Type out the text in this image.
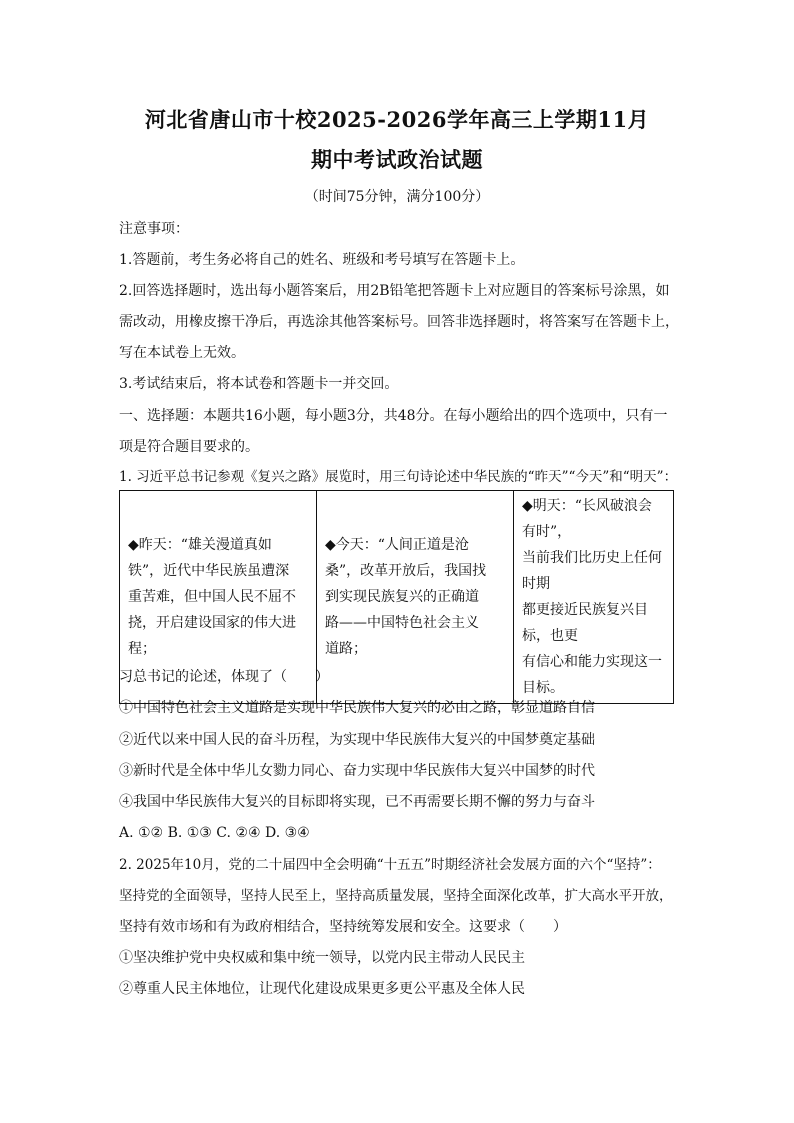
河北省唐山市十校2025-2026学年高三上学期11月
期中考试政治试题
（时间75分钟，满分100分）
注意事项：
1.答题前，考生务必将自己的姓名、班级和考号填写在答题卡上。
2.回答选择题时，选出每小题答案后，用2B铅笔把答题卡上对应题目的答案标号涂黑，如
需改动，用橡皮擦干净后，再选涂其他答案标号。回答非选择题时，将答案写在答题卡上，
写在本试卷上无效。
3.考试结束后，将本试卷和答题卡一并交回。
一、选择题：本题共16小题，每小题3分，共48分。在每小题给出的四个选项中，只有一
项是符合题目要求的。
1. 习近平总书记参观《复兴之路》展览时，用三句诗论述中华民族的“昨天”“今天”和“明天”：
◆昨天：“雄关漫道真如
铁”，近代中华民族虽遭深
重苦难，但中国人民不屈不
挠，开启建设国家的伟大进
程；

◆今天：“人间正道是沧
桑”，改革开放后，我国找
到实现民族复兴的正确道
路——中国特色社会主义
道路；

◆明天：“长风破浪会有时”，
当前我们比历史上任何时期
都更接近民族复兴目标，也更
有信心和能力实现这一目标。
习总书记的论述，体现了（　　）
①中国特色社会主义道路是实现中华民族伟大复兴的必由之路，彰显道路自信
②近代以来中国人民的奋斗历程，为实现中华民族伟大复兴的中国梦奠定基础
③新时代是全体中华儿女勠力同心、奋力实现中华民族伟大复兴中国梦的时代
④我国中华民族伟大复兴的目标即将实现，已不再需要长期不懈的努力与奋斗
A. ①② B. ①③ C. ②④ D. ③④
2. 2025年10月，党的二十届四中全会明确“十五五”时期经济社会发展方面的六个“坚持”：
坚持党的全面领导，坚持人民至上，坚持高质量发展，坚持全面深化改革，扩大高水平开放，
坚持有效市场和有为政府相结合，坚持统筹发展和安全。这要求（　　）
①坚决维护党中央权威和集中统一领导，以党内民主带动人民民主
②尊重人民主体地位，让现代化建设成果更多更公平惠及全体人民
